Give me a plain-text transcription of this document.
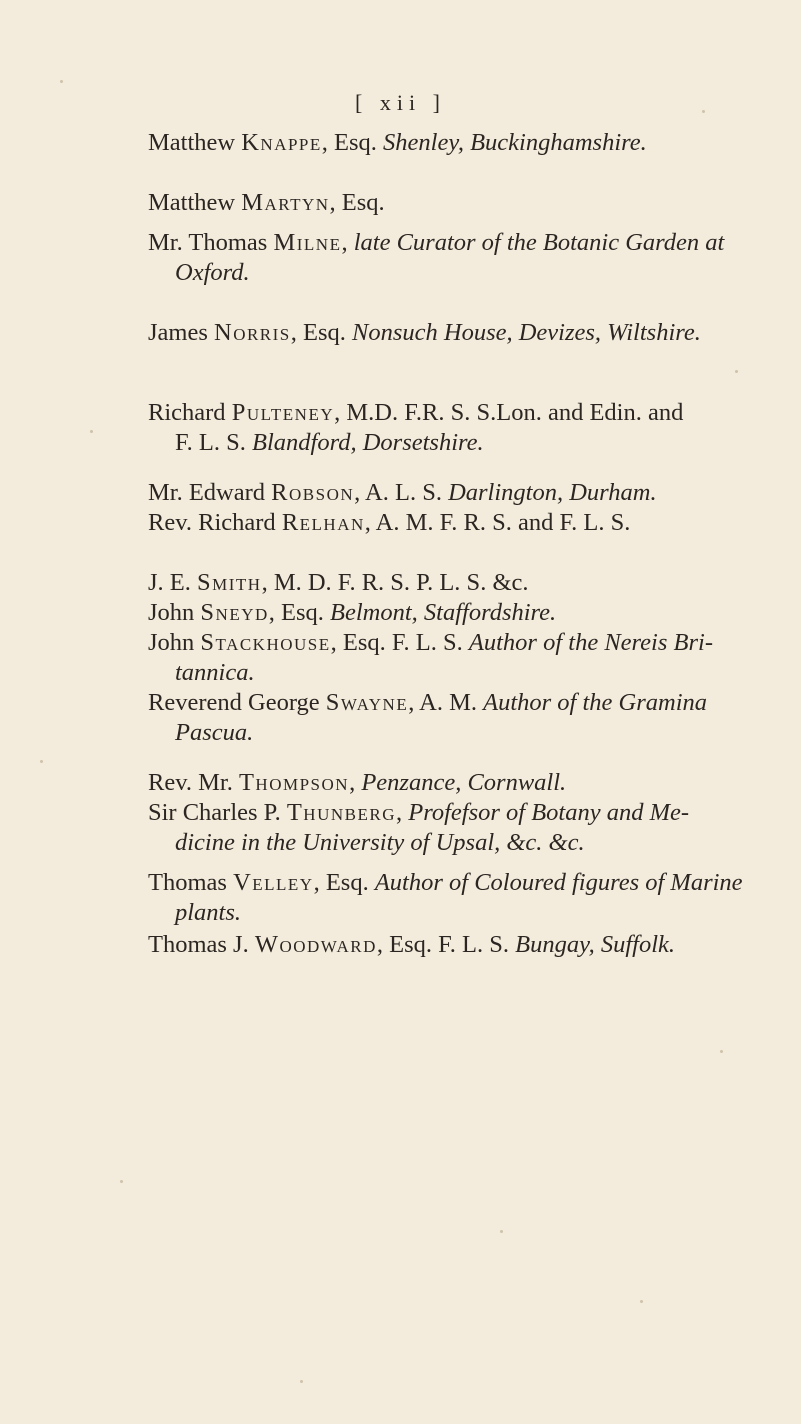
[ xii ]
Matthew Knappe, Esq. Shenley, Buckinghamshire.
Matthew Martyn, Esq.
Mr. Thomas Milne, late Curator of the Botanic Garden at
Oxford.
James Norris, Esq. Nonsuch House, Devizes, Wiltshire.
Richard Pulteney, M.D. F.R. S. S.Lon. and Edin. and
F. L. S. Blandford, Dorsetshire.
Mr. Edward Robson, A. L. S. Darlington, Durham.
Rev. Richard Relhan, A. M. F. R. S. and F. L. S.
J. E. Smith, M. D. F. R. S. P. L. S. &c.
John Sneyd, Esq. Belmont, Staffordshire.
John Stackhouse, Esq. F. L. S. Author of the Nereis Bri-
tannica.
Reverend George Swayne, A. M. Author of the Gramina
Pascua.
Rev. Mr. Thompson, Penzance, Cornwall.
Sir Charles P. Thunberg, Profefsor of Botany and Me-
dicine in the University of Upsal, &c. &c.
Thomas Velley, Esq. Author of Coloured figures of Marine
plants.
Thomas J. Woodward, Esq. F. L. S. Bungay, Suffolk.
